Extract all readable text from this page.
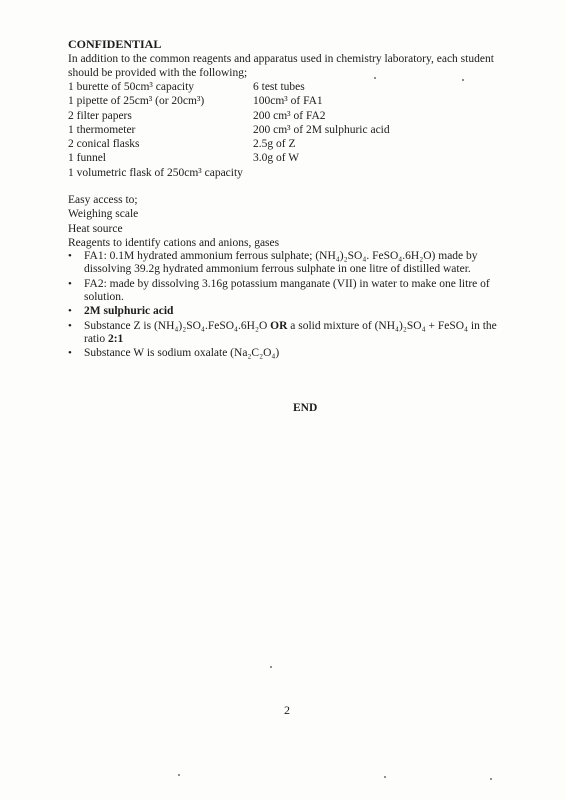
CONFIDENTIAL
In addition to the common reagents and apparatus used in chemistry laboratory, each student
should be provided with the following;
1 burette of 50cm³ capacity	6 test tubes
1 pipette of 25cm³ (or 20cm³)	100cm³ of FA1
2 filter papers	200 cm³ of FA2
1 thermometer	200 cm³ of 2M sulphuric acid
2 conical flasks	2.5g of Z
1 funnel	3.0g of W
1 volumetric flask of 250cm³ capacity
Easy access to;
Weighing scale
Heat source
Reagents to identify cations and anions, gases
• FA1: 0.1M hydrated ammonium ferrous sulphate; (NH₄)₂SO₄. FeSO₄.6H₂O) made by
dissolving 39.2g hydrated ammonium ferrous sulphate in one litre of distilled water.
• FA2: made by dissolving 3.16g potassium manganate (VII) in water to make one litre of
solution.
• 2M sulphuric acid
• Substance Z is (NH₄)₂SO₄.FeSO₄.6H₂O OR a solid mixture of (NH₄)₂SO₄ + FeSO₄ in the
ratio 2:1
• Substance W is sodium oxalate (Na₂C₂O₄)
END
2
